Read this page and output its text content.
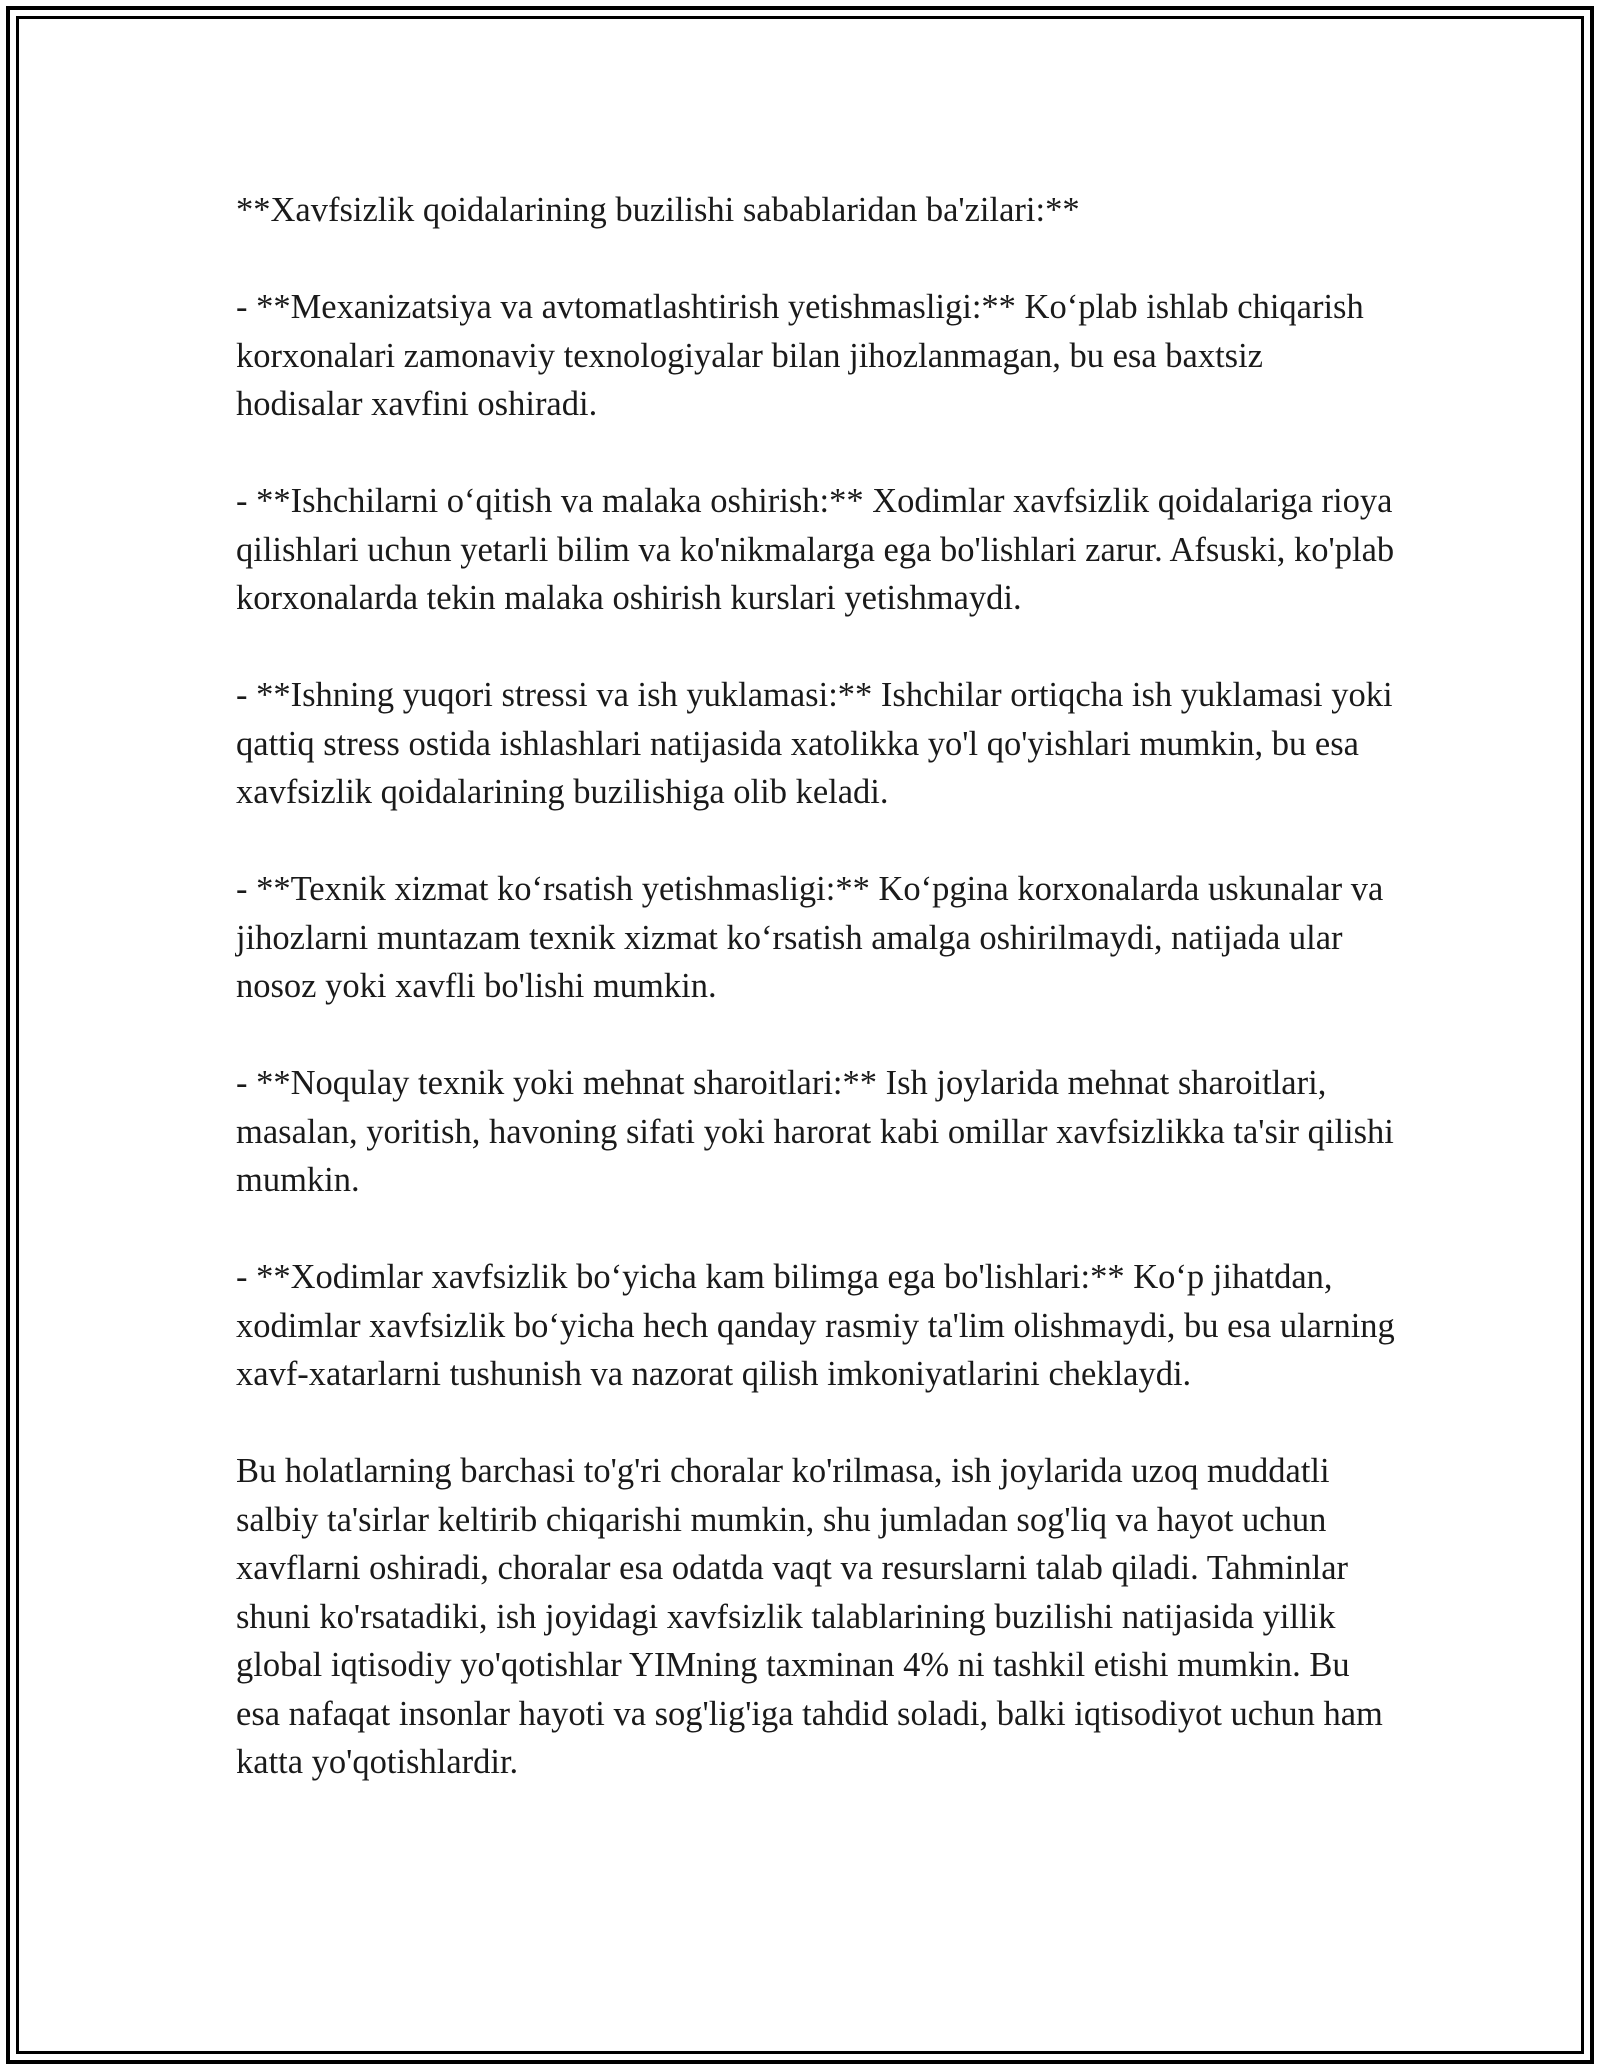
**Xavfsizlik qoidalarining buzilishi sabablaridan ba'zilari:**

- **Mexanizatsiya va avtomatlashtirish yetishmasligi:** Koʻplab ishlab chiqarish korxonalari zamonaviy texnologiyalar bilan jihozlanmagan, bu esa baxtsiz hodisalar xavfini oshiradi.

- **Ishchilarni oʻqitish va malaka oshirish:** Xodimlar xavfsizlik qoidalariga rioya qilishlari uchun yetarli bilim va ko'nikmalarga ega bo'lishlari zarur. Afsuski, ko'plab korxonalarda tekin malaka oshirish kurslari yetishmaydi.

- **Ishning yuqori stressi va ish yuklamasi:** Ishchilar ortiqcha ish yuklamasi yoki qattiq stress ostida ishlashlari natijasida xatolikka yo'l qo'yishlari mumkin, bu esa xavfsizlik qoidalarining buzilishiga olib keladi.

- **Texnik xizmat koʻrsatish yetishmasligi:** Koʻpgina korxonalarda uskunalar va jihozlarni muntazam texnik xizmat koʻrsatish amalga oshirilmaydi, natijada ular nosoz yoki xavfli bo'lishi mumkin.

- **Noqulay texnik yoki mehnat sharoitlari:** Ish joylarida mehnat sharoitlari, masalan, yoritish, havoning sifati yoki harorat kabi omillar xavfsizlikka ta'sir qilishi mumkin.

- **Xodimlar xavfsizlik boʻyicha kam bilimga ega bo'lishlari:** Koʻp jihatdan, xodimlar xavfsizlik boʻyicha hech qanday rasmiy ta'lim olishmaydi, bu esa ularning xavf-xatarlarni tushunish va nazorat qilish imkoniyatlarini cheklaydi.

Bu holatlarning barchasi to'g'ri choralar ko'rilmasa, ish joylarida uzoq muddatli salbiy ta'sirlar keltirib chiqarishi mumkin, shu jumladan sog'liq va hayot uchun xavflarni oshiradi, choralar esa odatda vaqt va resurslarni talab qiladi. Tahminlar shuni ko'rsatadiki, ish joyidagi xavfsizlik talablarining buzilishi natijasida yillik global iqtisodiy yo'qotishlar YIMning taxminan 4% ni tashkil etishi mumkin. Bu esa nafaqat insonlar hayoti va sog'lig'iga tahdid soladi, balki iqtisodiyot uchun ham katta yo'qotishlardir.
